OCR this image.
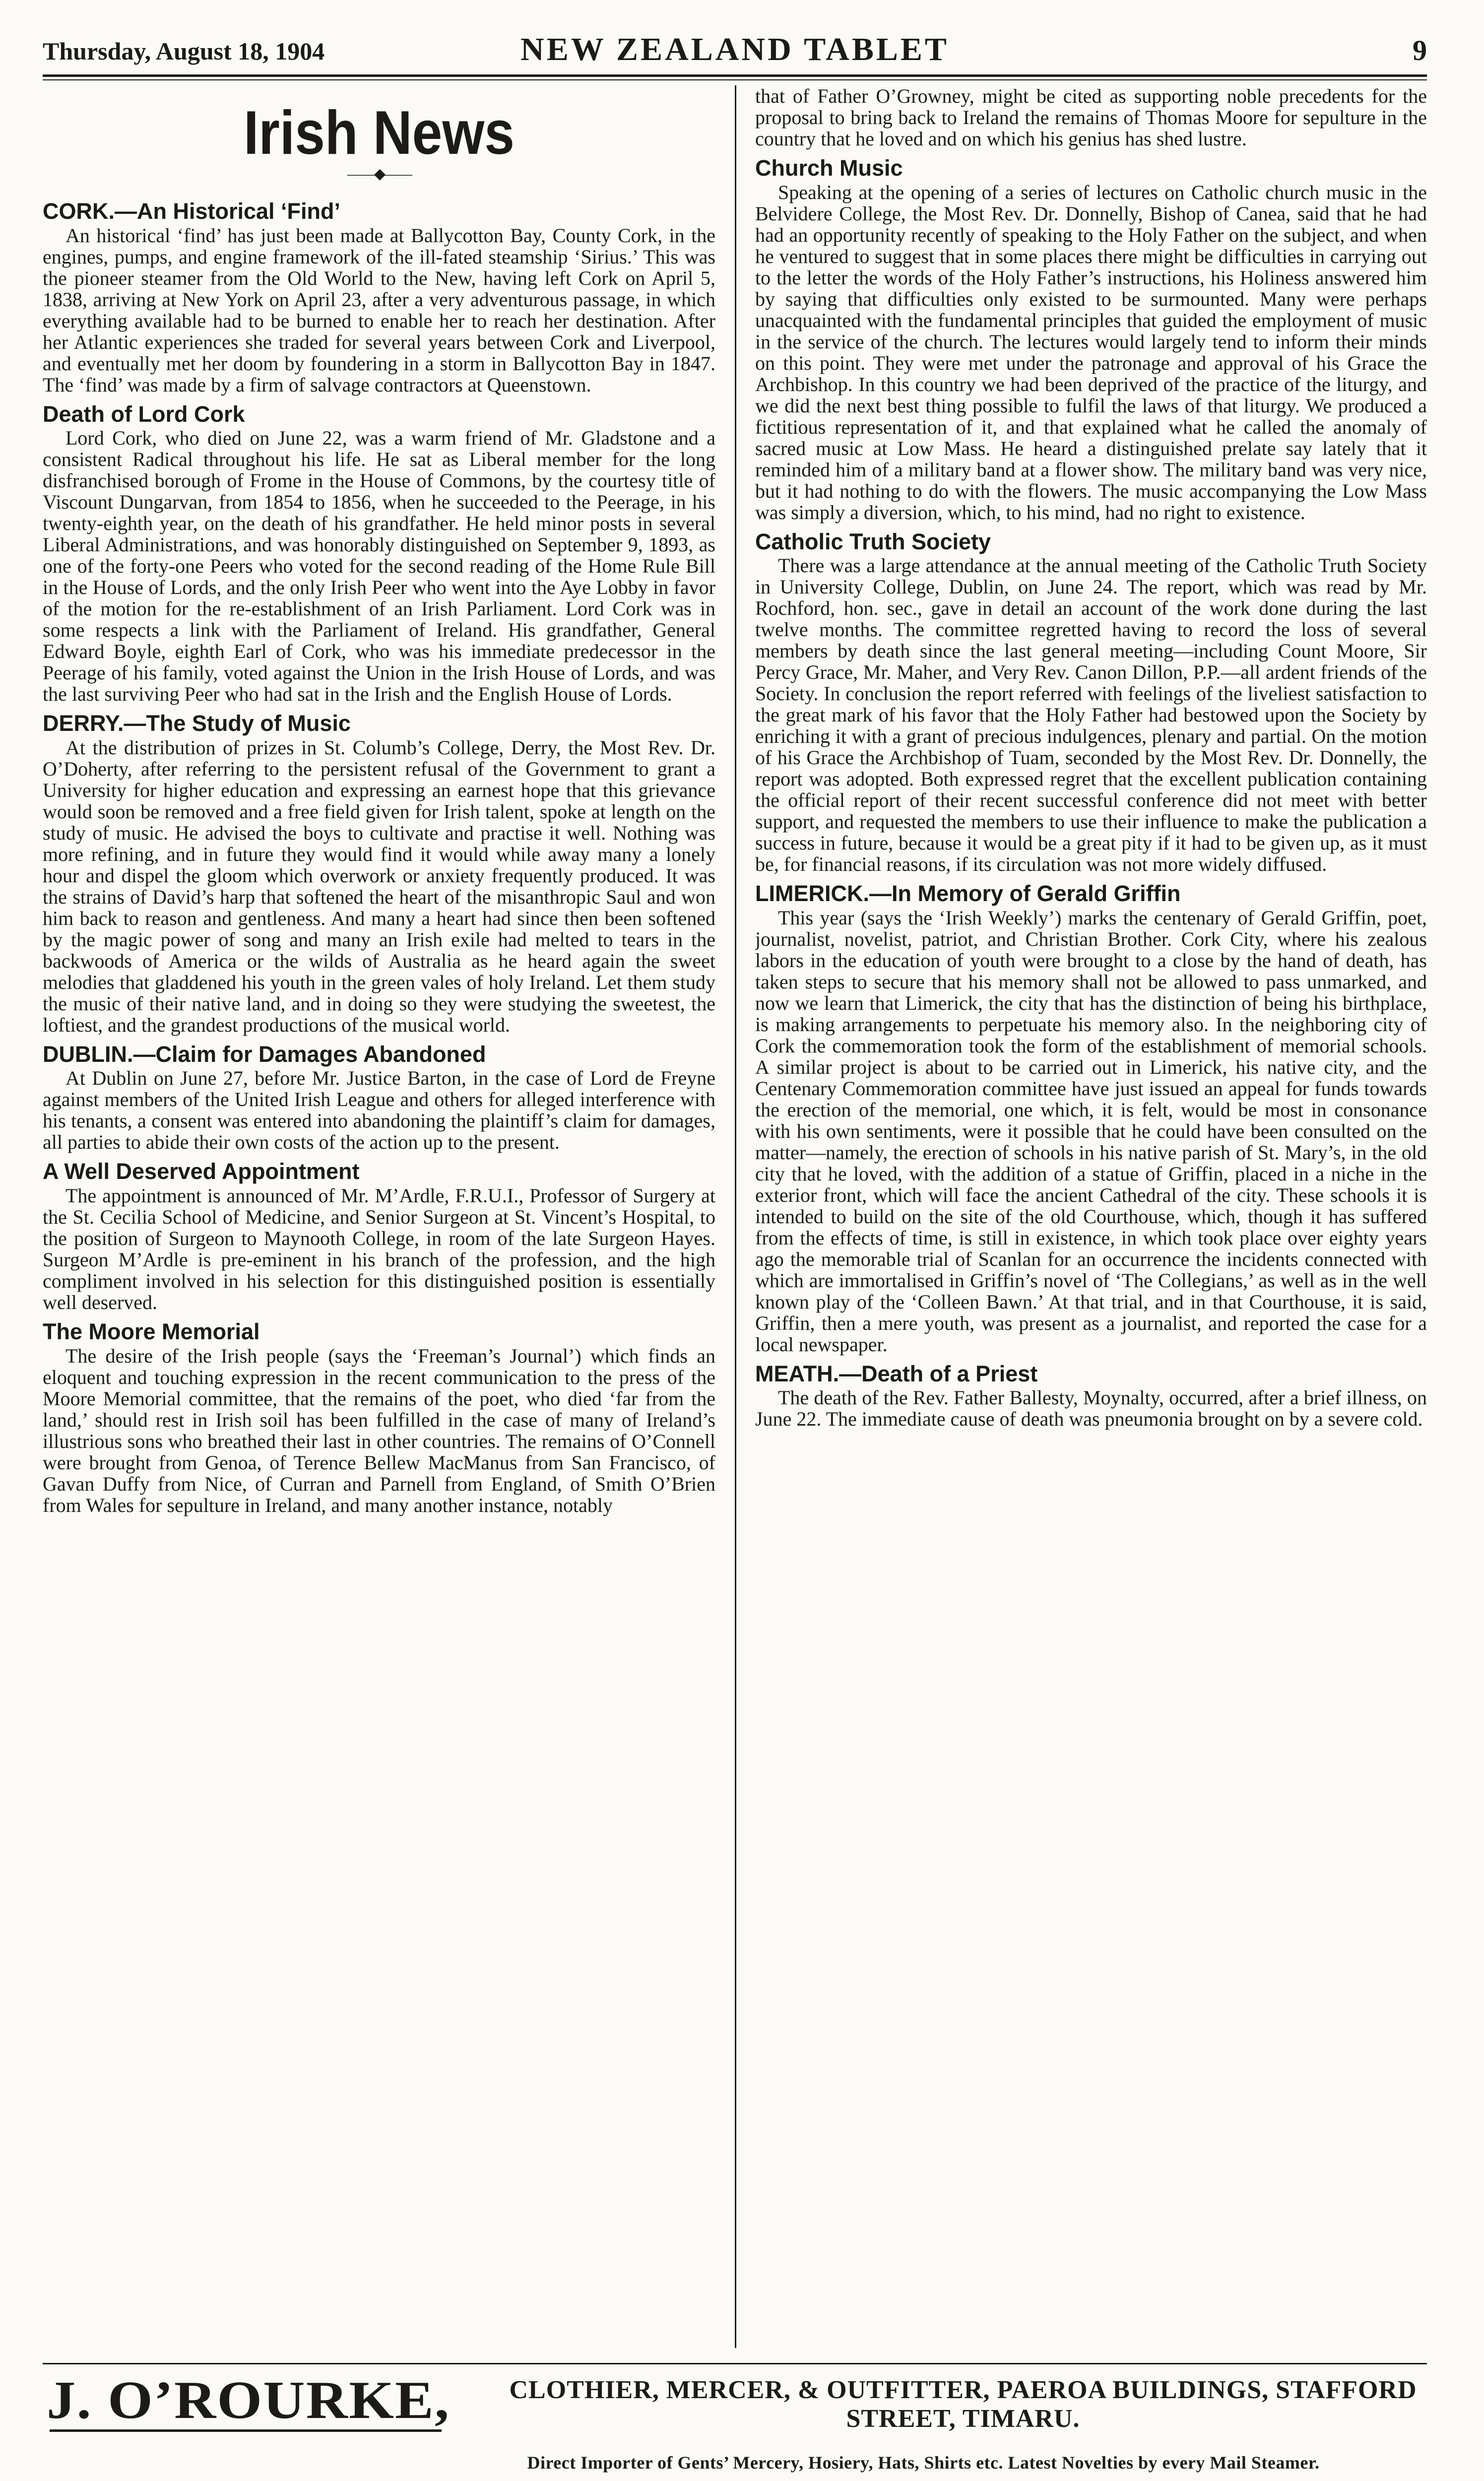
Thursday, August 18, 1904	NEW ZEALAND TABLET	9
Irish News
——◆——
CORK.—An Historical ‘Find’

An historical ‘find’ has just been made at Ballycotton Bay, County Cork, in the engines, pumps, and engine framework of the ill-fated steamship ‘Sirius.’ This was the pioneer steamer from the Old World to the New, having left Cork on April 5, 1838, arriving at New York on April 23, after a very adventurous passage, in which everything available had to be burned to enable her to reach her destination. After her Atlantic experiences she traded for several years between Cork and Liverpool, and eventually met her doom by foundering in a storm in Ballycotton Bay in 1847. The ‘find’ was made by a firm of salvage contractors at Queenstown.

Death of Lord Cork

Lord Cork, who died on June 22, was a warm friend of Mr. Gladstone and a consistent Radical throughout his life. He sat as Liberal member for the long disfranchised borough of Frome in the House of Commons, by the courtesy title of Viscount Dungarvan, from 1854 to 1856, when he succeeded to the Peerage, in his twenty-eighth year, on the death of his grandfather. He held minor posts in several Liberal Administrations, and was honorably distinguished on September 9, 1893, as one of the forty-one Peers who voted for the second reading of the Home Rule Bill in the House of Lords, and the only Irish Peer who went into the Aye Lobby in favor of the motion for the re-establishment of an Irish Parliament. Lord Cork was in some respects a link with the Parliament of Ireland. His grandfather, General Edward Boyle, eighth Earl of Cork, who was his immediate predecessor in the Peerage of his family, voted against the Union in the Irish House of Lords, and was the last surviving Peer who had sat in the Irish and the English House of Lords.

DERRY.—The Study of Music

At the distribution of prizes in St. Columb’s College, Derry, the Most Rev. Dr. O’Doherty, after referring to the persistent refusal of the Government to grant a University for higher education and expressing an earnest hope that this grievance would soon be removed and a free field given for Irish talent, spoke at length on the study of music. He advised the boys to cultivate and practise it well. Nothing was more refining, and in future they would find it would while away many a lonely hour and dispel the gloom which overwork or anxiety frequently produced. It was the strains of David’s harp that softened the heart of the misanthropic Saul and won him back to reason and gentleness. And many a heart had since then been softened by the magic power of song and many an Irish exile had melted to tears in the backwoods of America or the wilds of Australia as he heard again the sweet melodies that gladdened his youth in the green vales of holy Ireland. Let them study the music of their native land, and in doing so they were studying the sweetest, the loftiest, and the grandest productions of the musical world.

DUBLIN.—Claim for Damages Abandoned

At Dublin on June 27, before Mr. Justice Barton, in the case of Lord de Freyne against members of the United Irish League and others for alleged interference with his tenants, a consent was entered into abandoning the plaintiff’s claim for damages, all parties to abide their own costs of the action up to the present.

A Well Deserved Appointment

The appointment is announced of Mr. M’Ardle, F.R.U.I., Professor of Surgery at the St. Cecilia School of Medicine, and Senior Surgeon at St. Vincent’s Hospital, to the position of Surgeon to Maynooth College, in room of the late Surgeon Hayes. Surgeon M’Ardle is pre-eminent in his branch of the profession, and the high compliment involved in his selection for this distinguished position is essentially well deserved.

The Moore Memorial

The desire of the Irish people (says the ‘Freeman’s Journal’) which finds an eloquent and touching expression in the recent communication to the press of the Moore Memorial committee, that the remains of the poet, who died ‘far from the land,’ should rest in Irish soil has been fulfilled in the case of many of Ireland’s illustrious sons who breathed their last in other countries. The remains of O’Connell were brought from Genoa, of Terence Bellew MacManus from San Francisco, of Gavan Duffy from Nice, of Curran and Parnell from England, of Smith O’Brien from Wales for sepulture in Ireland, and many another instance, notably

that of Father O’Growney, might be cited as supporting noble precedents for the proposal to bring back to Ireland the remains of Thomas Moore for sepulture in the country that he loved and on which his genius has shed lustre.

Church Music

Speaking at the opening of a series of lectures on Catholic church music in the Belvidere College, the Most Rev. Dr. Donnelly, Bishop of Canea, said that he had had an opportunity recently of speaking to the Holy Father on the subject, and when he ventured to suggest that in some places there might be difficulties in carrying out to the letter the words of the Holy Father’s instructions, his Holiness answered him by saying that difficulties only existed to be surmounted. Many were perhaps unacquainted with the fundamental principles that guided the employment of music in the service of the church. The lectures would largely tend to inform their minds on this point. They were met under the patronage and approval of his Grace the Archbishop. In this country we had been deprived of the practice of the liturgy, and we did the next best thing possible to fulfil the laws of that liturgy. We produced a fictitious representation of it, and that explained what he called the anomaly of sacred music at Low Mass. He heard a distinguished prelate say lately that it reminded him of a military band at a flower show. The military band was very nice, but it had nothing to do with the flowers. The music accompanying the Low Mass was simply a diversion, which, to his mind, had no right to existence.

Catholic Truth Society

There was a large attendance at the annual meeting of the Catholic Truth Society in University College, Dublin, on June 24. The report, which was read by Mr. Rochford, hon. sec., gave in detail an account of the work done during the last twelve months. The committee regretted having to record the loss of several members by death since the last general meeting—including Count Moore, Sir Percy Grace, Mr. Maher, and Very Rev. Canon Dillon, P.P.—all ardent friends of the Society. In conclusion the report referred with feelings of the liveliest satisfaction to the great mark of his favor that the Holy Father had bestowed upon the Society by enriching it with a grant of precious indulgences, plenary and partial. On the motion of his Grace the Archbishop of Tuam, seconded by the Most Rev. Dr. Donnelly, the report was adopted. Both expressed regret that the excellent publication containing the official report of their recent successful conference did not meet with better support, and requested the members to use their influence to make the publication a success in future, because it would be a great pity if it had to be given up, as it must be, for financial reasons, if its circulation was not more widely diffused.

LIMERICK.—In Memory of Gerald Griffin

This year (says the ‘Irish Weekly’) marks the centenary of Gerald Griffin, poet, journalist, novelist, patriot, and Christian Brother. Cork City, where his zealous labors in the education of youth were brought to a close by the hand of death, has taken steps to secure that his memory shall not be allowed to pass unmarked, and now we learn that Limerick, the city that has the distinction of being his birthplace, is making arrangements to perpetuate his memory also. In the neighboring city of Cork the commemoration took the form of the establishment of memorial schools. A similar project is about to be carried out in Limerick, his native city, and the Centenary Commemoration committee have just issued an appeal for funds towards the erection of the memorial, one which, it is felt, would be most in consonance with his own sentiments, were it possible that he could have been consulted on the matter—namely, the erection of schools in his native parish of St. Mary’s, in the old city that he loved, with the addition of a statue of Griffin, placed in a niche in the exterior front, which will face the ancient Cathedral of the city. These schools it is intended to build on the site of the old Courthouse, which, though it has suffered from the effects of time, is still in existence, in which took place over eighty years ago the memorable trial of Scanlan for an occurrence the incidents connected with which are immortalised in Griffin’s novel of ‘The Collegians,’ as well as in the well known play of the ‘Colleen Bawn.’ At that trial, and in that Courthouse, it is said, Griffin, then a mere youth, was present as a journalist, and reported the case for a local newspaper.

MEATH.—Death of a Priest

The death of the Rev. Father Ballesty, Moynalty, occurred, after a brief illness, on June 22. The immediate cause of death was pneumonia brought on by a severe cold.

J. O’ROURKE,	CLOTHIER, MERCER, & OUTFITTER, PAEROA BUILDINGS, STAFFORD
STREET, TIMARU.
Direct Importer of Gents’ Mercery, Hosiery, Hats, Shirts etc. Latest Novelties by every Mail Steamer.
